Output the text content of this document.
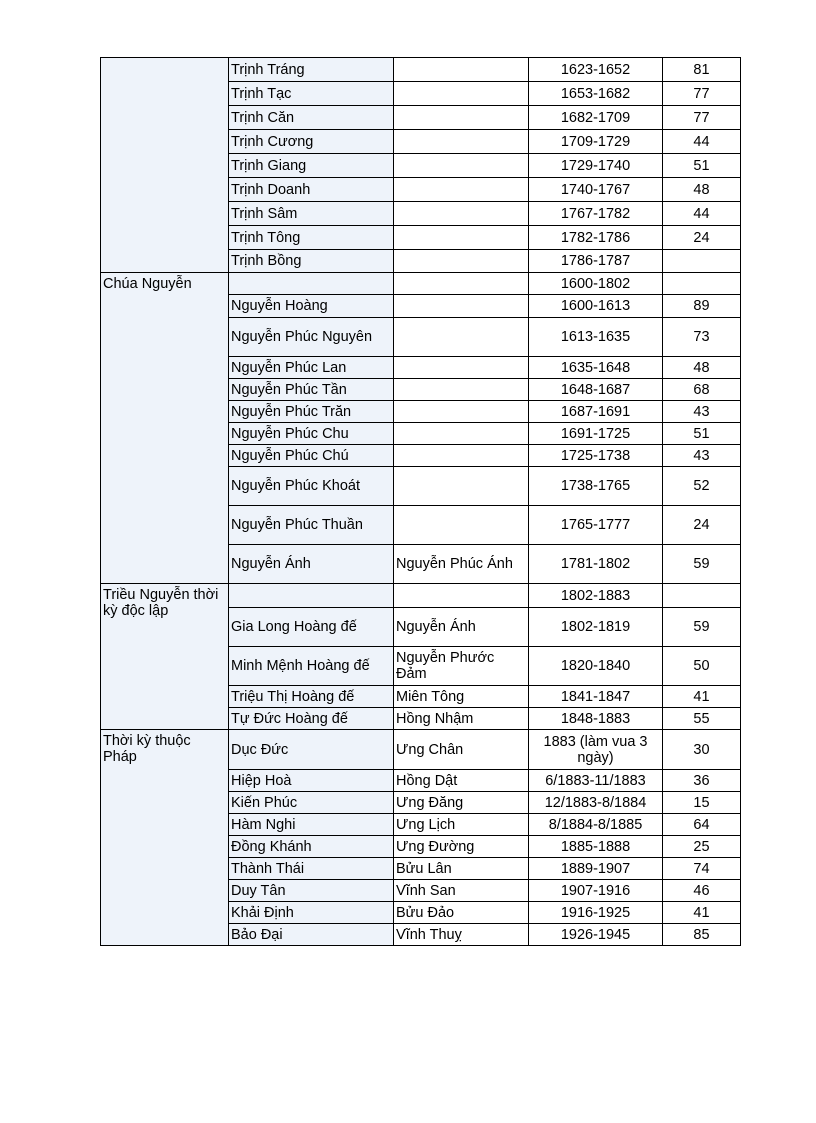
	Trịnh Tráng		1623-1652	81
	Trịnh Tạc		1653-1682	77
	Trịnh Căn		1682-1709	77
	Trịnh Cương		1709-1729	44
	Trịnh Giang		1729-1740	51
	Trịnh Doanh		1740-1767	48
	Trịnh Sâm		1767-1782	44
	Trịnh Tông		1782-1786	24
	Trịnh Bồng		1786-1787	
Chúa Nguyễn			1600-1802	
	Nguyễn Hoàng		1600-1613	89
	Nguyễn Phúc Nguyên		1613-1635	73
	Nguyễn Phúc Lan		1635-1648	48
	Nguyễn Phúc Tần		1648-1687	68
	Nguyễn Phúc Trăn		1687-1691	43
	Nguyễn Phúc Chu		1691-1725	51
	Nguyễn Phúc Chú		1725-1738	43
	Nguyễn Phúc Khoát		1738-1765	52
	Nguyễn Phúc Thuần		1765-1777	24
	Nguyễn Ánh	Nguyễn Phúc Ánh	1781-1802	59
Triều Nguyễn thời kỳ độc lập			1802-1883	
	Gia Long Hoàng đế	Nguyễn Ánh	1802-1819	59
	Minh Mệnh Hoàng đế	Nguyễn Phước Đảm	1820-1840	50
	Triệu Thị Hoàng đế	Miên Tông	1841-1847	41
	Tự Đức Hoàng đế	Hồng Nhậm	1848-1883	55
Thời kỳ thuộc Pháp	Dục Đức	Ưng Chân	1883 (làm vua 3 ngày)	30
	Hiệp Hoà	Hồng Dật	6/1883-11/1883	36
	Kiến Phúc	Ưng Đăng	12/1883-8/1884	15
	Hàm Nghi	Ưng Lịch	8/1884-8/1885	64
	Đồng Khánh	Ưng Đường	1885-1888	25
	Thành Thái	Bửu Lân	1889-1907	74
	Duy Tân	Vĩnh San	1907-1916	46
	Khải Định	Bửu Đảo	1916-1925	41
	Bảo Đại	Vĩnh Thuỵ	1926-1945	85
